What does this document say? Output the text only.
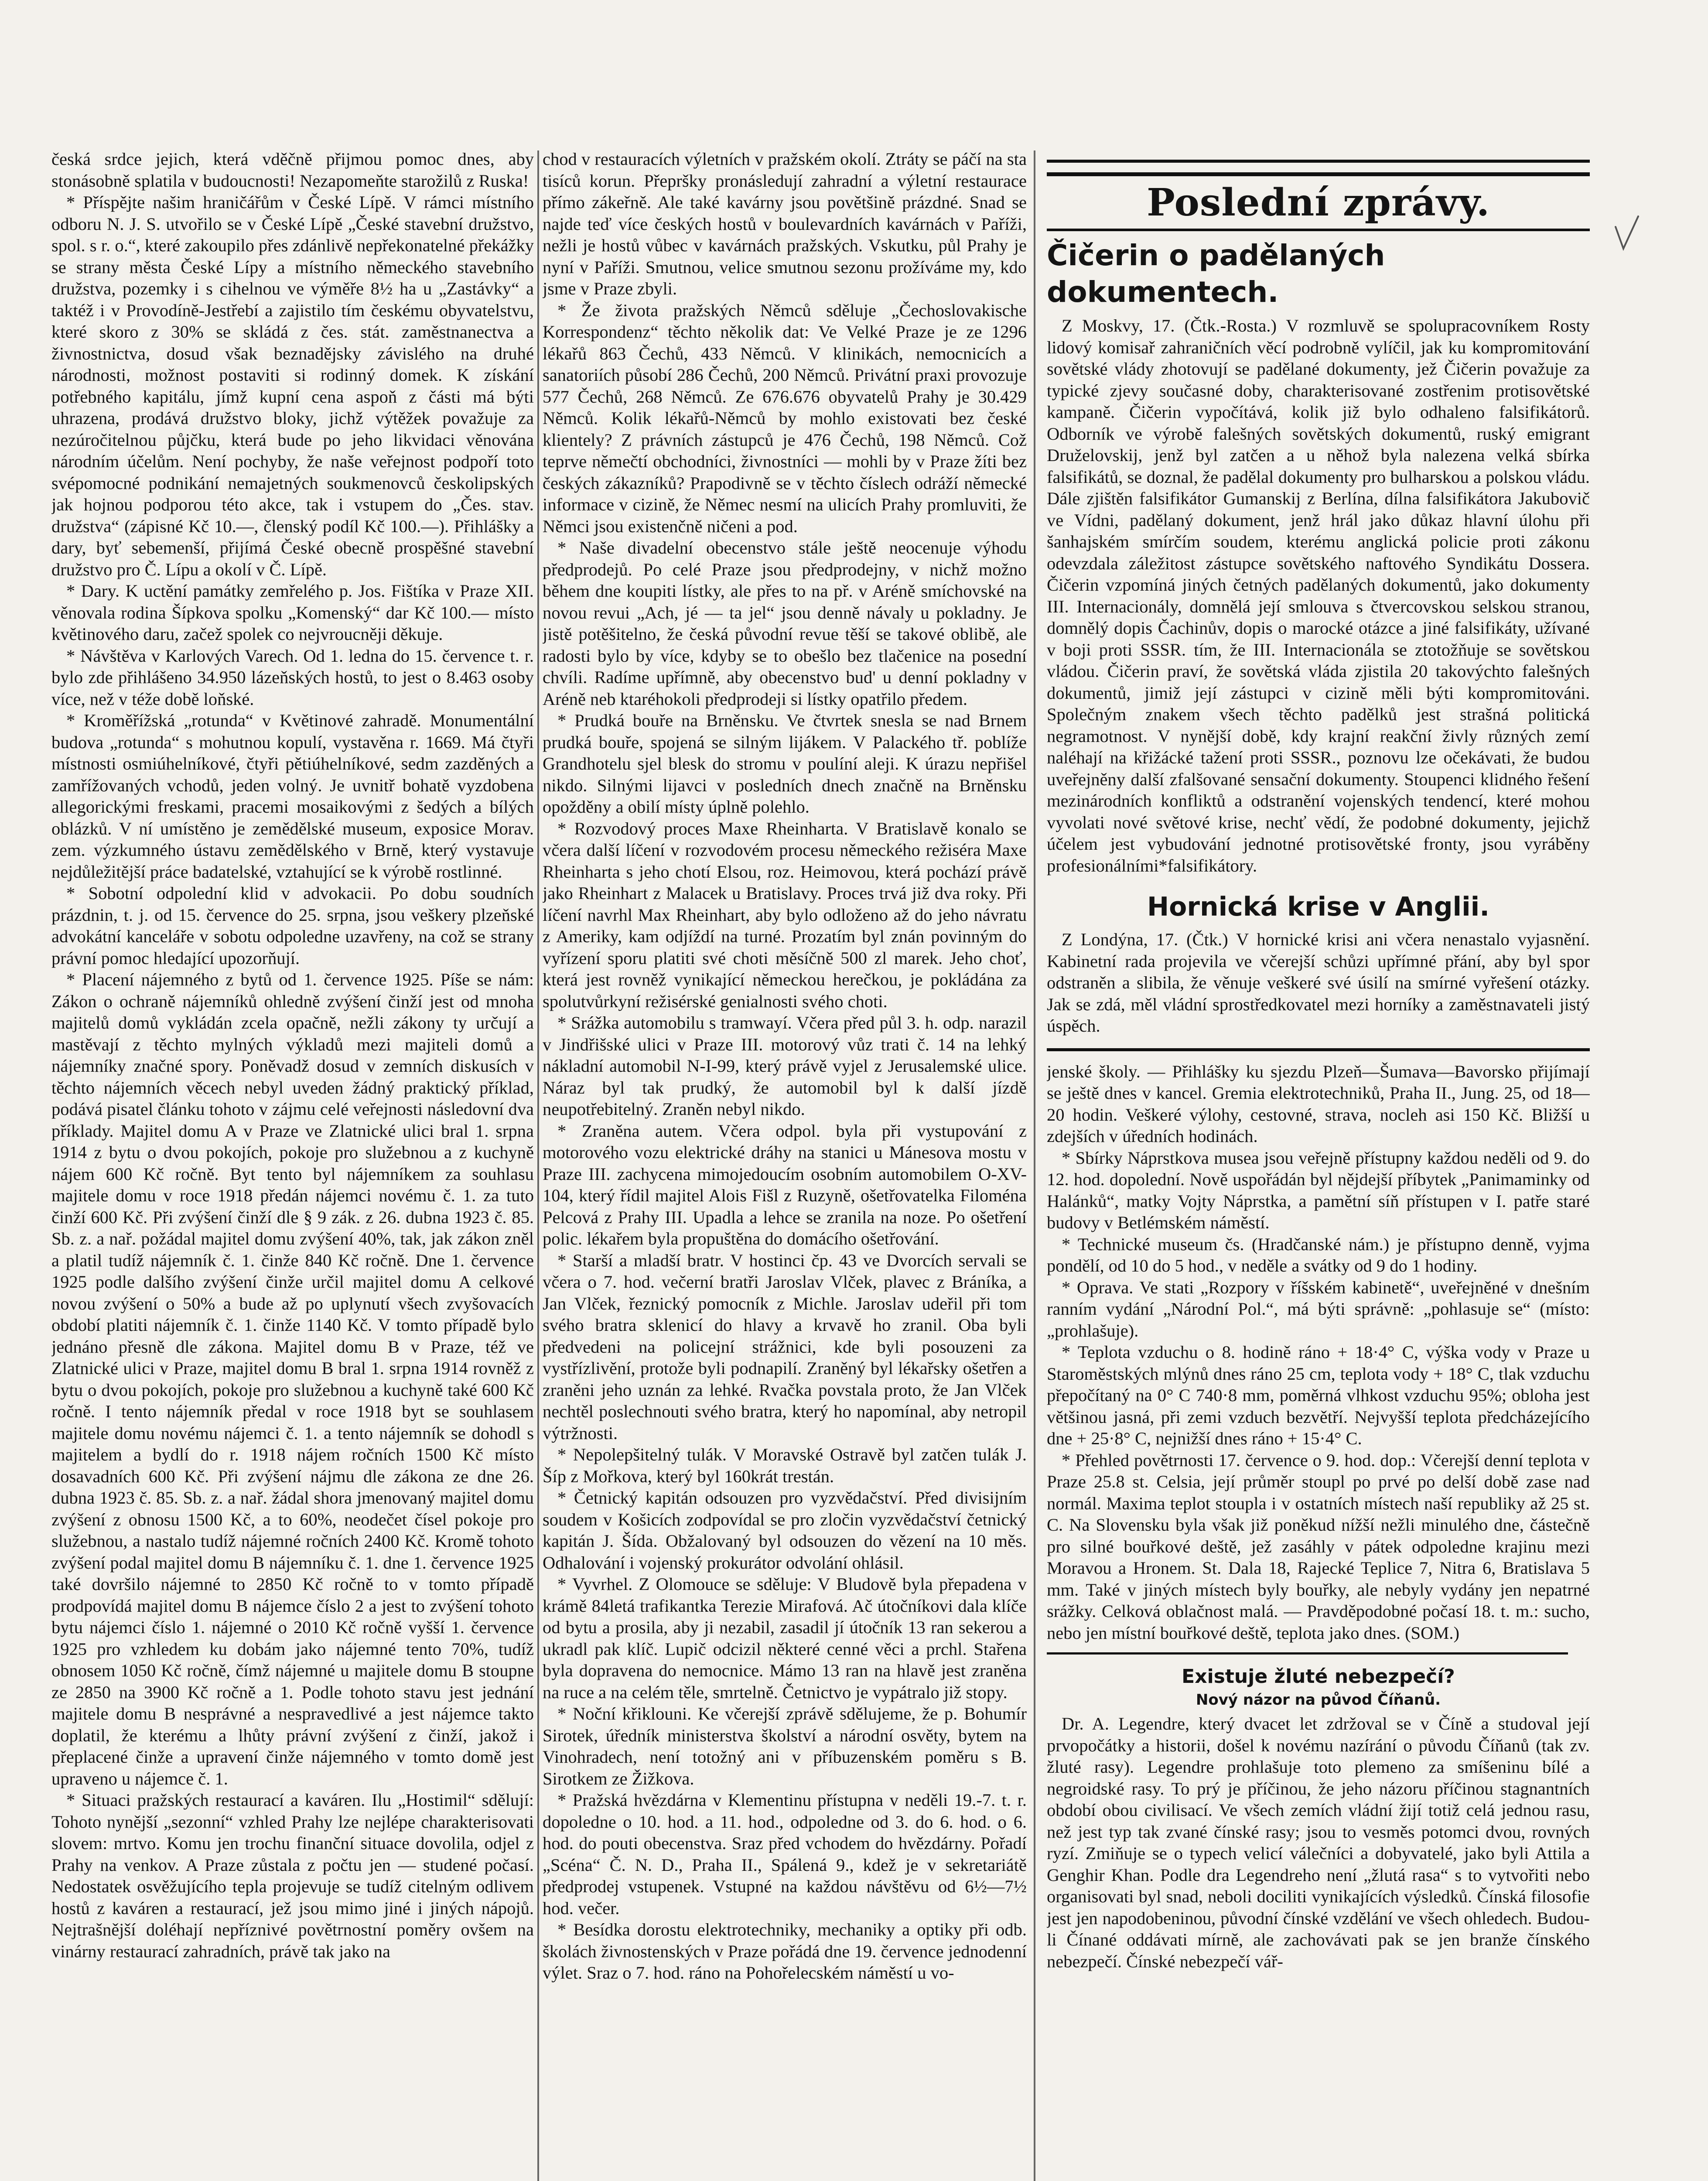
česká srdce jejich, která vděčně přijmou pomoc dnes, aby stonásobně splatila v budoucnosti! Nezapomeňte starožilů z Ruska!

* Příspějte našim hraničářům v České Lípě. V rámci místního odboru N. J. S. utvořilo se v České Lípě „České stavební družstvo, spol. s r. o.“, které zakoupilo přes zdánlivě nepřekonatelné překážky se strany města České Lípy a místního německého stavebního družstva, pozemky i s cihelnou ve výměře 8½ ha u „Zastávky“ a taktéž i v Provodíně-Jestřebí a zajistilo tím českému obyvatelstvu, které skoro z 30% se skládá z čes. stát. zaměstnanectva a živnostnictva, dosud však beznadějsky závislého na druhé národnosti, možnost postaviti si rodinný domek. K získání potřebného kapitálu, jímž kupní cena aspoň z části má býti uhrazena, prodává družstvo bloky, jichž výtěžek považuje za nezúročitelnou půjčku, která bude po jeho likvidaci věnována národním účelům. Není pochyby, že naše veřejnost podpoří toto svépomocné podnikání nemajetných soukmenovců českolipských jak hojnou podporou této akce, tak i vstupem do „Čes. stav. družstva“ (zápisné Kč 10.—, členský podíl Kč 100.—). Přihlášky a dary, byť sebemenší, přijímá České obecně prospěšné stavební družstvo pro Č. Lípu a okolí v Č. Lípě.

* Dary. K uctění památky zemřelého p. Jos. Fištíka v Praze XII. věnovala rodina Šípkova spolku „Komenský“ dar Kč 100.— místo květinového daru, začež spolek co nejvroucněji děkuje.

* Návštěva v Karlových Varech. Od 1. ledna do 15. července t. r. bylo zde přihlášeno 34.950 lázeňských hostů, to jest o 8.463 osoby více, než v téže době loňské.

* Kroměřížská „rotunda“ v Květinové zahradě. Monumentální budova „rotunda“ s mohutnou kopulí, vystavěna r. 1669. Má čtyři místnosti osmiúhelníkové, čtyři pětiúhelníkové, sedm zazděných a zamřížovaných vchodů, jeden volný. Je uvnitř bohatě vyzdobena allegorickými freskami, pracemi mosaikovými z šedých a bílých oblázků. V ní umístěno je zemědělské museum, exposice Morav. zem. výzkumného ústavu zemědělského v Brně, který vystavuje nejdůležitější práce badatelské, vztahující se k výrobě rostlinné.

* Sobotní odpolední klid v advokacii. Po dobu soudních prázdnin, t. j. od 15. července do 25. srpna, jsou veškery plzeňské advokátní kanceláře v sobotu odpoledne uzavřeny, na což se strany právní pomoc hledající upozorňují.

* Placení nájemného z bytů od 1. července 1925. Píše se nám: Zákon o ochraně nájemníků ohledně zvýšení činží jest od mnoha majitelů domů vykládán zcela opačně, nežli zákony ty určují a mastěvají z těchto mylných výkladů mezi majiteli domů a nájemníky značné spory. Poněvadž dosud v zemních diskusích v těchto nájemních věcech nebyl uveden žádný praktický příklad, podává pisatel článku tohoto v zájmu celé veřejnosti následovní dva příklady. Majitel domu A v Praze ve Zlatnické ulici bral 1. srpna 1914 z bytu o dvou pokojích, pokoje pro služebnou a z kuchyně nájem 600 Kč ročně. Byt tento byl nájemníkem za souhlasu majitele domu v roce 1918 předán nájemci novému č. 1. za tuto činží 600 Kč. Při zvýšení činží dle § 9 zák. z 26. dubna 1923 č. 85. Sb. z. a nař. požádal majitel domu zvýšení 40%, tak, jak zákon zněl a platil tudíž nájemník č. 1. činže 840 Kč ročně. Dne 1. července 1925 podle dalšího zvýšení činže určil majitel domu A celkové novou zvýšení o 50% a bude až po uplynutí všech zvyšovacích období platiti nájemník č. 1. činže 1140 Kč. V tomto případě bylo jednáno přesně dle zákona. Majitel domu B v Praze, též ve Zlatnické ulici v Praze, majitel domu B bral 1. srpna 1914 rovněž z bytu o dvou pokojích, pokoje pro služebnou a kuchyně také 600 Kč ročně. I tento nájemník předal v roce 1918 byt se souhlasem majitele domu novému nájemci č. 1. a tento nájemník se dohodl s majitelem a bydlí do r. 1918 nájem ročních 1500 Kč místo dosavadních 600 Kč. Při zvýšení nájmu dle zákona ze dne 26. dubna 1923 č. 85. Sb. z. a nař. žádal shora jmenovaný majitel domu zvýšení z obnosu 1500 Kč, a to 60%, neodečet čísel pokoje pro služebnou, a nastalo tudíž nájemné ročních 2400 Kč. Kromě tohoto zvýšení podal majitel domu B nájemníku č. 1. dne 1. července 1925 také dovršilo nájemné to 2850 Kč ročně to v tomto případě prodpovídá majitel domu B nájemce číslo 2 a jest to zvýšení tohoto bytu nájemci číslo 1. nájemné o 2010 Kč ročně vyšší 1. července 1925 pro vzhledem ku dobám jako nájemné tento 70%, tudíž obnosem 1050 Kč ročně, čímž nájemné u majitele domu B stoupne ze 2850 na 3900 Kč ročně a 1. Podle tohoto stavu jest jednání majitele domu B nesprávné a nespravedlivé a jest nájemce takto doplatil, že kterému a lhůty právní zvýšení z činží, jakož i přeplacené činže a upravení činže nájemného v tomto domě jest upraveno u nájemce č. 1.

* Situaci pražských restaurací a kaváren. Ilu „Hostimil“ sdělují: Tohoto nynější „sezonní“ vzhled Prahy lze nejlépe charakterisovati slovem: mrtvo. Komu jen trochu finanční situace dovolila, odjel z Prahy na venkov. A Praze zůstala z počtu jen — studené počasí. Nedostatek osvěžujícího tepla projevuje se tudíž citelným odlivem hostů z kaváren a restaurací, jež jsou mimo jiné i jiných nápojů. Nejtrašnější doléhají nepříznivé povětrnostní poměry ovšem na vinárny restaurací zahradních, právě tak jako na

chod v restauracích výletních v pražském okolí. Ztráty se páčí na sta tisíců korun. Přepršky pronásledují zahradní a výletní restaurace přímo zákeřně. Ale také kavárny jsou povětšině prázdné. Snad se najde teď více českých hostů v boulevardních kavárnách v Paříži, nežli je hostů vůbec v kavárnách pražských. Vskutku, půl Prahy je nyní v Paříži. Smutnou, velice smutnou sezonu prožíváme my, kdo jsme v Praze zbyli.

* Že života pražských Němců sděluje „Čechoslovakische Korrespondenz“ těchto několik dat: Ve Velké Praze je ze 1296 lékařů 863 Čechů, 433 Němců. V klinikách, nemocnicích a sanatoriích působí 286 Čechů, 200 Němců. Privátní praxi provozuje 577 Čechů, 268 Němců. Ze 676.676 obyvatelů Prahy je 30.429 Němců. Kolik lékařů-Němců by mohlo existovati bez české klientely? Z právních zástupců je 476 Čechů, 198 Němců. Což teprve němečtí obchodníci, živnostníci — mohli by v Praze žíti bez českých zákazníků? Prapodivně se v těchto číslech odráží německé informace v cizině, že Němec nesmí na ulicích Prahy promluviti, že Němci jsou existenčně ničeni a pod.

* Naše divadelní obecenstvo stále ještě neocenuje výhodu předprodejů. Po celé Praze jsou předprodejny, v nichž možno během dne koupiti lístky, ale přes to na př. v Aréně smíchovské na novou revui „Ach, jé — ta jel“ jsou denně návaly u pokladny. Je jistě potěšitelno, že česká původní revue těší se takové oblibě, ale radosti bylo by více, kdyby se to obešlo bez tlačenice na posední chvíli. Radíme upřímně, aby obecenstvo bud' u denní pokladny v Aréně neb ktaréhokoli předprodeji si lístky opatřilo předem.

* Prudká bouře na Brněnsku. Ve čtvrtek snesla se nad Brnem prudká bouře, spojená se silným lijákem. V Palackého tř. poblíže Grandhotelu sjel blesk do stromu v poulíní aleji. K úrazu nepřišel nikdo. Silnými lijavci v posledních dnech značně na Brněnsku opožděny a obilí místy úplně polehlo.

* Rozvodový proces Maxe Rheinharta. V Bratislavě konalo se včera další líčení v rozvodovém procesu německého režiséra Maxe Rheinharta s jeho chotí Elsou, roz. Heimovou, která pochází právě jako Rheinhart z Malacek u Bratislavy. Proces trvá již dva roky. Při líčení navrhl Max Rheinhart, aby bylo odloženo až do jeho návratu z Ameriky, kam odjíždí na turné. Prozatím byl znán povinným do vyřízení sporu platiti své choti měsíčně 500 zl marek. Jeho choť, která jest rovněž vynikající německou herečkou, je pokládána za spolutvůrkyní režisérské genialnosti svého choti.

* Srážka automobilu s tramwayí. Včera před půl 3. h. odp. narazil v Jindřišské ulici v Praze III. motorový vůz trati č. 14 na lehký nákladní automobil N-I-99, který právě vyjel z Jerusalemské ulice. Náraz byl tak prudký, že automobil byl k další jízdě neupotřebitelný. Zraněn nebyl nikdo.

* Zraněna autem. Včera odpol. byla při vystupování z motorového vozu elektrické dráhy na stanici u Mánesova mostu v Praze III. zachycena mimojedoucím osobním automobilem O-XV-104, který řídil majitel Alois Fišl z Ruzyně, ošetřovatelka Filoména Pelcová z Prahy III. Upadla a lehce se zranila na noze. Po ošetření polic. lékařem byla propuštěna do domácího ošetřování.

* Starší a mladší bratr. V hostinci čp. 43 ve Dvorcích servali se včera o 7. hod. večerní bratři Jaroslav Vlček, plavec z Bráníka, a Jan Vlček, řeznický pomocník z Michle. Jaroslav udeřil při tom svého bratra sklenicí do hlavy a krvavě ho zranil. Oba byli předvedeni na policejní strážnici, kde byli posouzeni za vystřízlivění, protože byli podnapilí. Zraněný byl lékařsky ošetřen a zraněni jeho uznán za lehké. Rvačka povstala proto, že Jan Vlček nechtěl poslechnouti svého bratra, který ho napomínal, aby netropil výtržnosti.

* Nepolepšitelný tulák. V Moravské Ostravě byl zatčen tulák J. Šíp z Mořkova, který byl 160krát trestán.

* Četnický kapitán odsouzen pro vyzvědačství. Před divisijním soudem v Košicích zodpovídal se pro zločin vyzvědačství četnický kapitán J. Šída. Obžalovaný byl odsouzen do vězení na 10 měs. Odhalování i vojenský prokurátor odvolání ohlásil.

* Vyvrhel. Z Olomouce se sděluje: V Bludově byla přepadena v krámě 84letá trafikantka Terezie Mirafová. Ač útočníkovi dala klíče od bytu a prosila, aby ji nezabil, zasadil jí útočník 13 ran sekerou a ukradl pak klíč. Lupič odcizil některé cenné věci a prchl. Stařena byla dopravena do nemocnice. Mámo 13 ran na hlavě jest zraněna na ruce a na celém těle, smrtelně. Četnictvo je vypátralo již stopy.

* Noční křiklouni. Ke včerejší zprávě sdělujeme, že p. Bohumír Sirotek, úředník ministerstva školství a národní osvěty, bytem na Vinohradech, není totožný ani v příbuzenském poměru s B. Sirotkem ze Žižkova.

* Pražská hvězdárna v Klementinu přístupna v neděli 19.-7. t. r. dopoledne o 10. hod. a 11. hod., odpoledne od 3. do 6. hod. o 6. hod. do pouti obecenstva. Sraz před vchodem do hvězdárny. Pořadí „Scéna“ Č. N. D., Praha II., Spálená 9., kdež je v sekretariátě předprodej vstupenek. Vstupné na každou návštěvu od 6½—7½ hod. večer.

* Besídka dorostu elektrotechniky, mechaniky a optiky při odb. školách živnostenských v Praze pořádá dne 19. července jednodenní výlet. Sraz o 7. hod. ráno na Pohořelecském náměstí u vo-

Poslední zprávy.
Čičerin o padělaných dokumentech.

Z Moskvy, 17. (Čtk.-Rosta.) V rozmluvě se spolupracovníkem Rosty lidový komisař zahraničních věcí podrobně vylíčil, jak ku kompromitování sovětské vlády zhotovují se padělané dokumenty, jež Čičerin považuje za typické zjevy současné doby, charakterisované zostřenim protisovětské kampaně. Čičerin vypočítává, kolik již bylo odhaleno falsifikátorů. Odborník ve výrobě falešných sovětských dokumentů, ruský emigrant Druželovskij, jenž byl zatčen a u něhož byla nalezena velká sbírka falsifikátů, se doznal, že padělal dokumenty pro bulharskou a polskou vládu. Dále zjištěn falsifikátor Gumanskij z Berlína, dílna falsifikátora Jakubovič ve Vídni, padělaný dokument, jenž hrál jako důkaz hlavní úlohu při šanhajském smírčím soudem, kterému anglická policie proti zákonu odevzdala záležitost zástupce sovětského naftového Syndikátu Dossera. Čičerin vzpomíná jiných četných padělaných dokumentů, jako dokumenty III. Internacionály, domnělá její smlouva s čtvercovskou selskou stranou, domnělý dopis Čachinův, dopis o marocké otázce a jiné falsifikáty, užívané v boji proti SSSR. tím, že III. Internacionála se ztotožňuje se sovětskou vládou. Čičerin praví, že sovětská vláda zjistila 20 takovýchto falešných dokumentů, jimiž její zástupci v cizině měli býti kompromitováni. Společným znakem všech těchto padělků jest strašná politická negramotnost. V nynější době, kdy krajní reakční živly různých zemí naléhají na křižácké tažení proti SSSR., poznovu lze očekávati, že budou uveřejněny další zfalšované sensační dokumenty. Stoupenci klidného řešení mezinárodních konfliktů a odstranění vojenských tendencí, které mohou vyvolati nové světové krise, nechť vědí, že podobné dokumenty, jejichž účelem jest vybudování jednotné protisovětské fronty, jsou vyráběny profesionálními*falsifikátory.

Hornická krise v Anglii.

Z Londýna, 17. (Čtk.) V hornické krisi ani včera nenastalo vyjasnění. Kabinetní rada projevila ve včerejší schůzi upřímné přání, aby byl spor odstraněn a slibila, že věnuje veškeré své úsilí na smírné vyřešení otázky. Jak se zdá, měl vládní sprostředkovatel mezi horníky a zaměstnavateli jistý úspěch.

jenské školy. — Přihlášky ku sjezdu Plzeň—Šumava—Bavorsko přijímají se ještě dnes v kancel. Gremia elektrotechniků, Praha II., Jung. 25, od 18—20 hodin. Veškeré výlohy, cestovné, strava, nocleh asi 150 Kč. Bližší u zdejších v úředních hodinách.

* Sbírky Náprstkova musea jsou veřejně přístupny každou neděli od 9. do 12. hod. dopolední. Nově uspořádán byl nějdejší příbytek „Panimaminky od Halánků“, matky Vojty Náprstka, a pamětní síň přístupen v I. patře staré budovy v Betlémském náměstí.

* Technické museum čs. (Hradčanské nám.) je přístupno denně, vyjma pondělí, od 10 do 5 hod., v neděle a svátky od 9 do 1 hodiny.

* Oprava. Ve stati „Rozpory v říšském kabinetě“, uveřejněné v dnešním ranním vydání „Národní Pol.“, má býti správně: „pohlasuje se“ (místo: „prohlašuje).

* Teplota vzduchu o 8. hodině ráno + 18·4° C, výška vody v Praze u Staroměstských mlýnů dnes ráno 25 cm, teplota vody + 18° C, tlak vzduchu přepočítaný na 0° C 740·8 mm, poměrná vlhkost vzduchu 95%; obloha jest většinou jasná, při zemi vzduch bezvětří. Nejvyšší teplota předcházejícího dne + 25·8° C, nejnižší dnes ráno + 15·4° C.

* Přehled povětrnosti 17. července o 9. hod. dop.: Včerejší denní teplota v Praze 25.8 st. Celsia, její průměr stoupl po prvé po delší době zase nad normál. Maxima teplot stoupla i v ostatních místech naší republiky až 25 st. C. Na Slovensku byla však již poněkud nížší nežli minulého dne, částečně pro silné bouřkové deště, jež zasáhly v pátek odpoledne krajinu mezi Moravou a Hronem. St. Dala 18, Rajecké Teplice 7, Nitra 6, Bratislava 5 mm. Také v jiných místech byly bouřky, ale nebyly vydány jen nepatrné srážky. Celková oblačnost malá. — Pravděpodobné počasí 18. t. m.: sucho, nebo jen místní bouřkové deště, teplota jako dnes. (SOM.)

Existuje žluté nebezpečí?
Nový názor na původ Číňanů.

Dr. A. Legendre, který dvacet let zdržoval se v Číně a studoval její prvopočátky a historii, došel k novému nazírání o původu Číňanů (tak zv. žluté rasy). Legendre prohlašuje toto plemeno za smíšeninu bílé a negroidské rasy. To prý je příčinou, že jeho názoru příčinou stagnantních období obou civilisací. Ve všech zemích vládní žijí totiž celá jednou rasu, než jest typ tak zvané čínské rasy; jsou to vesměs potomci dvou, rovných ryzí. Zmiňuje se o typech velicí válečníci a dobyvatelé, jako byli Attila a Genghir Khan. Podle dra Legendreho není „žlutá rasa“ s to vytvořiti nebo organisovati byl snad, neboli dociliti vynikajících výsledků. Čínská filosofie jest jen napodobeninou, původní čínské vzdělání ve všech ohledech. Budou-li Čínané oddávati mírně, ale zachovávati pak se jen branže čínského nebezpečí. Čínské nebezpečí vář-
